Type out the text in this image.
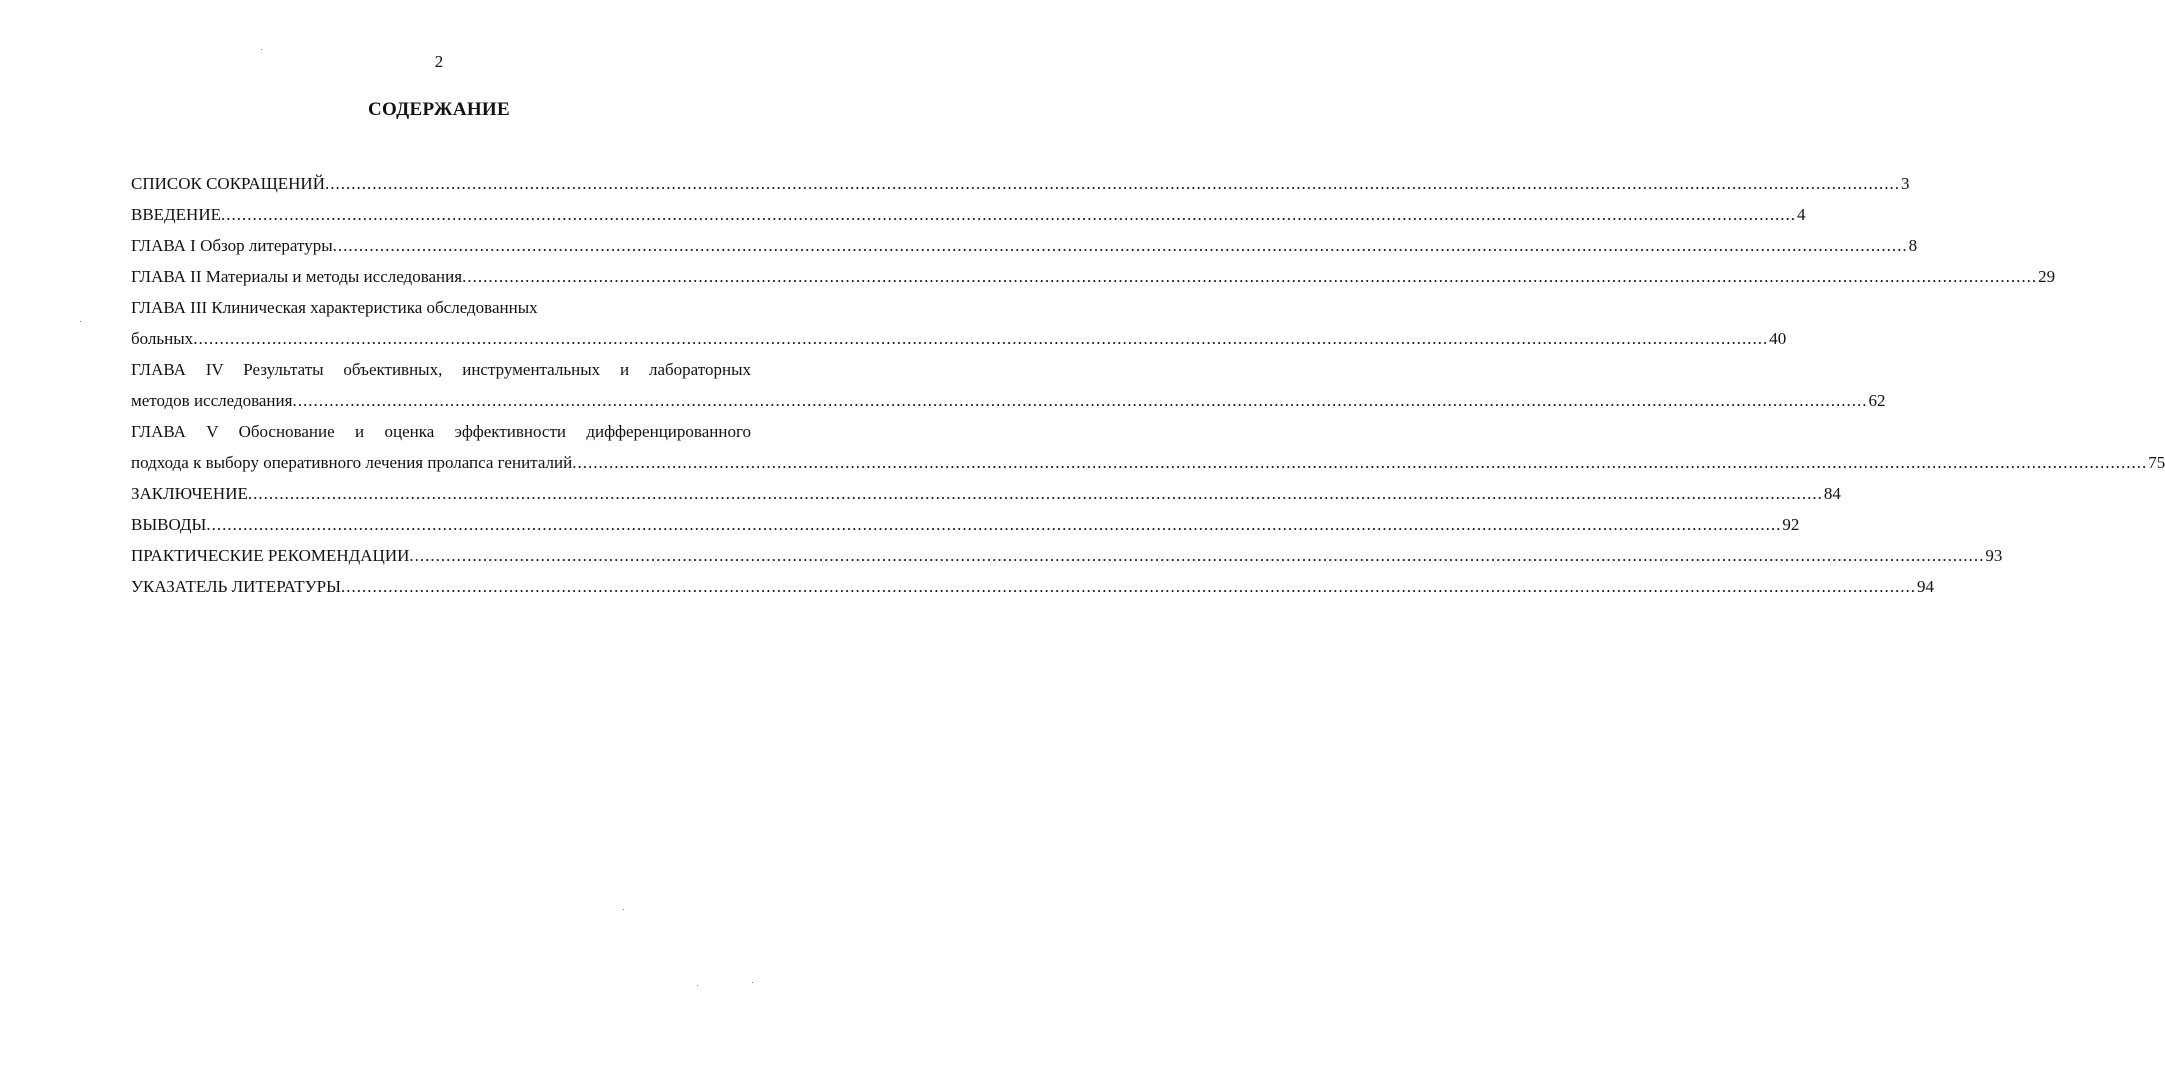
2
СОДЕРЖАНИЕ
СПИСОК СОКРАЩЕНИЙ ............................................................................................................................................................................................................................................................................................................ 3
ВВЕДЕНИЕ ............................................................................................................................................................................................................................................................................................................ 4
ГЛАВА I Обзор литературы ............................................................................................................................................................................................................................................................................................................ 8
ГЛАВА II Материалы и методы исследования ............................................................................................................................................................................................................................................................................................................ 29
ГЛАВА III Клиническая характеристика обследованных
больных ............................................................................................................................................................................................................................................................................................................ 40
ГЛАВА IV Результаты объективных, инструментальных и лабораторных
методов исследования ............................................................................................................................................................................................................................................................................................................ 62
ГЛАВА V Обоснование и оценка эффективности дифференцированного
подхода к выбору оперативного лечения пролапса гениталий ............................................................................................................................................................................................................................................................................................................ 75
ЗАКЛЮЧЕНИЕ ............................................................................................................................................................................................................................................................................................................ 84
ВЫВОДЫ ............................................................................................................................................................................................................................................................................................................ 92
ПРАКТИЧЕСКИЕ РЕКОМЕНДАЦИИ ............................................................................................................................................................................................................................................................................................................ 93
УКАЗАТЕЛЬ ЛИТЕРАТУРЫ ............................................................................................................................................................................................................................................................................................................ 94
